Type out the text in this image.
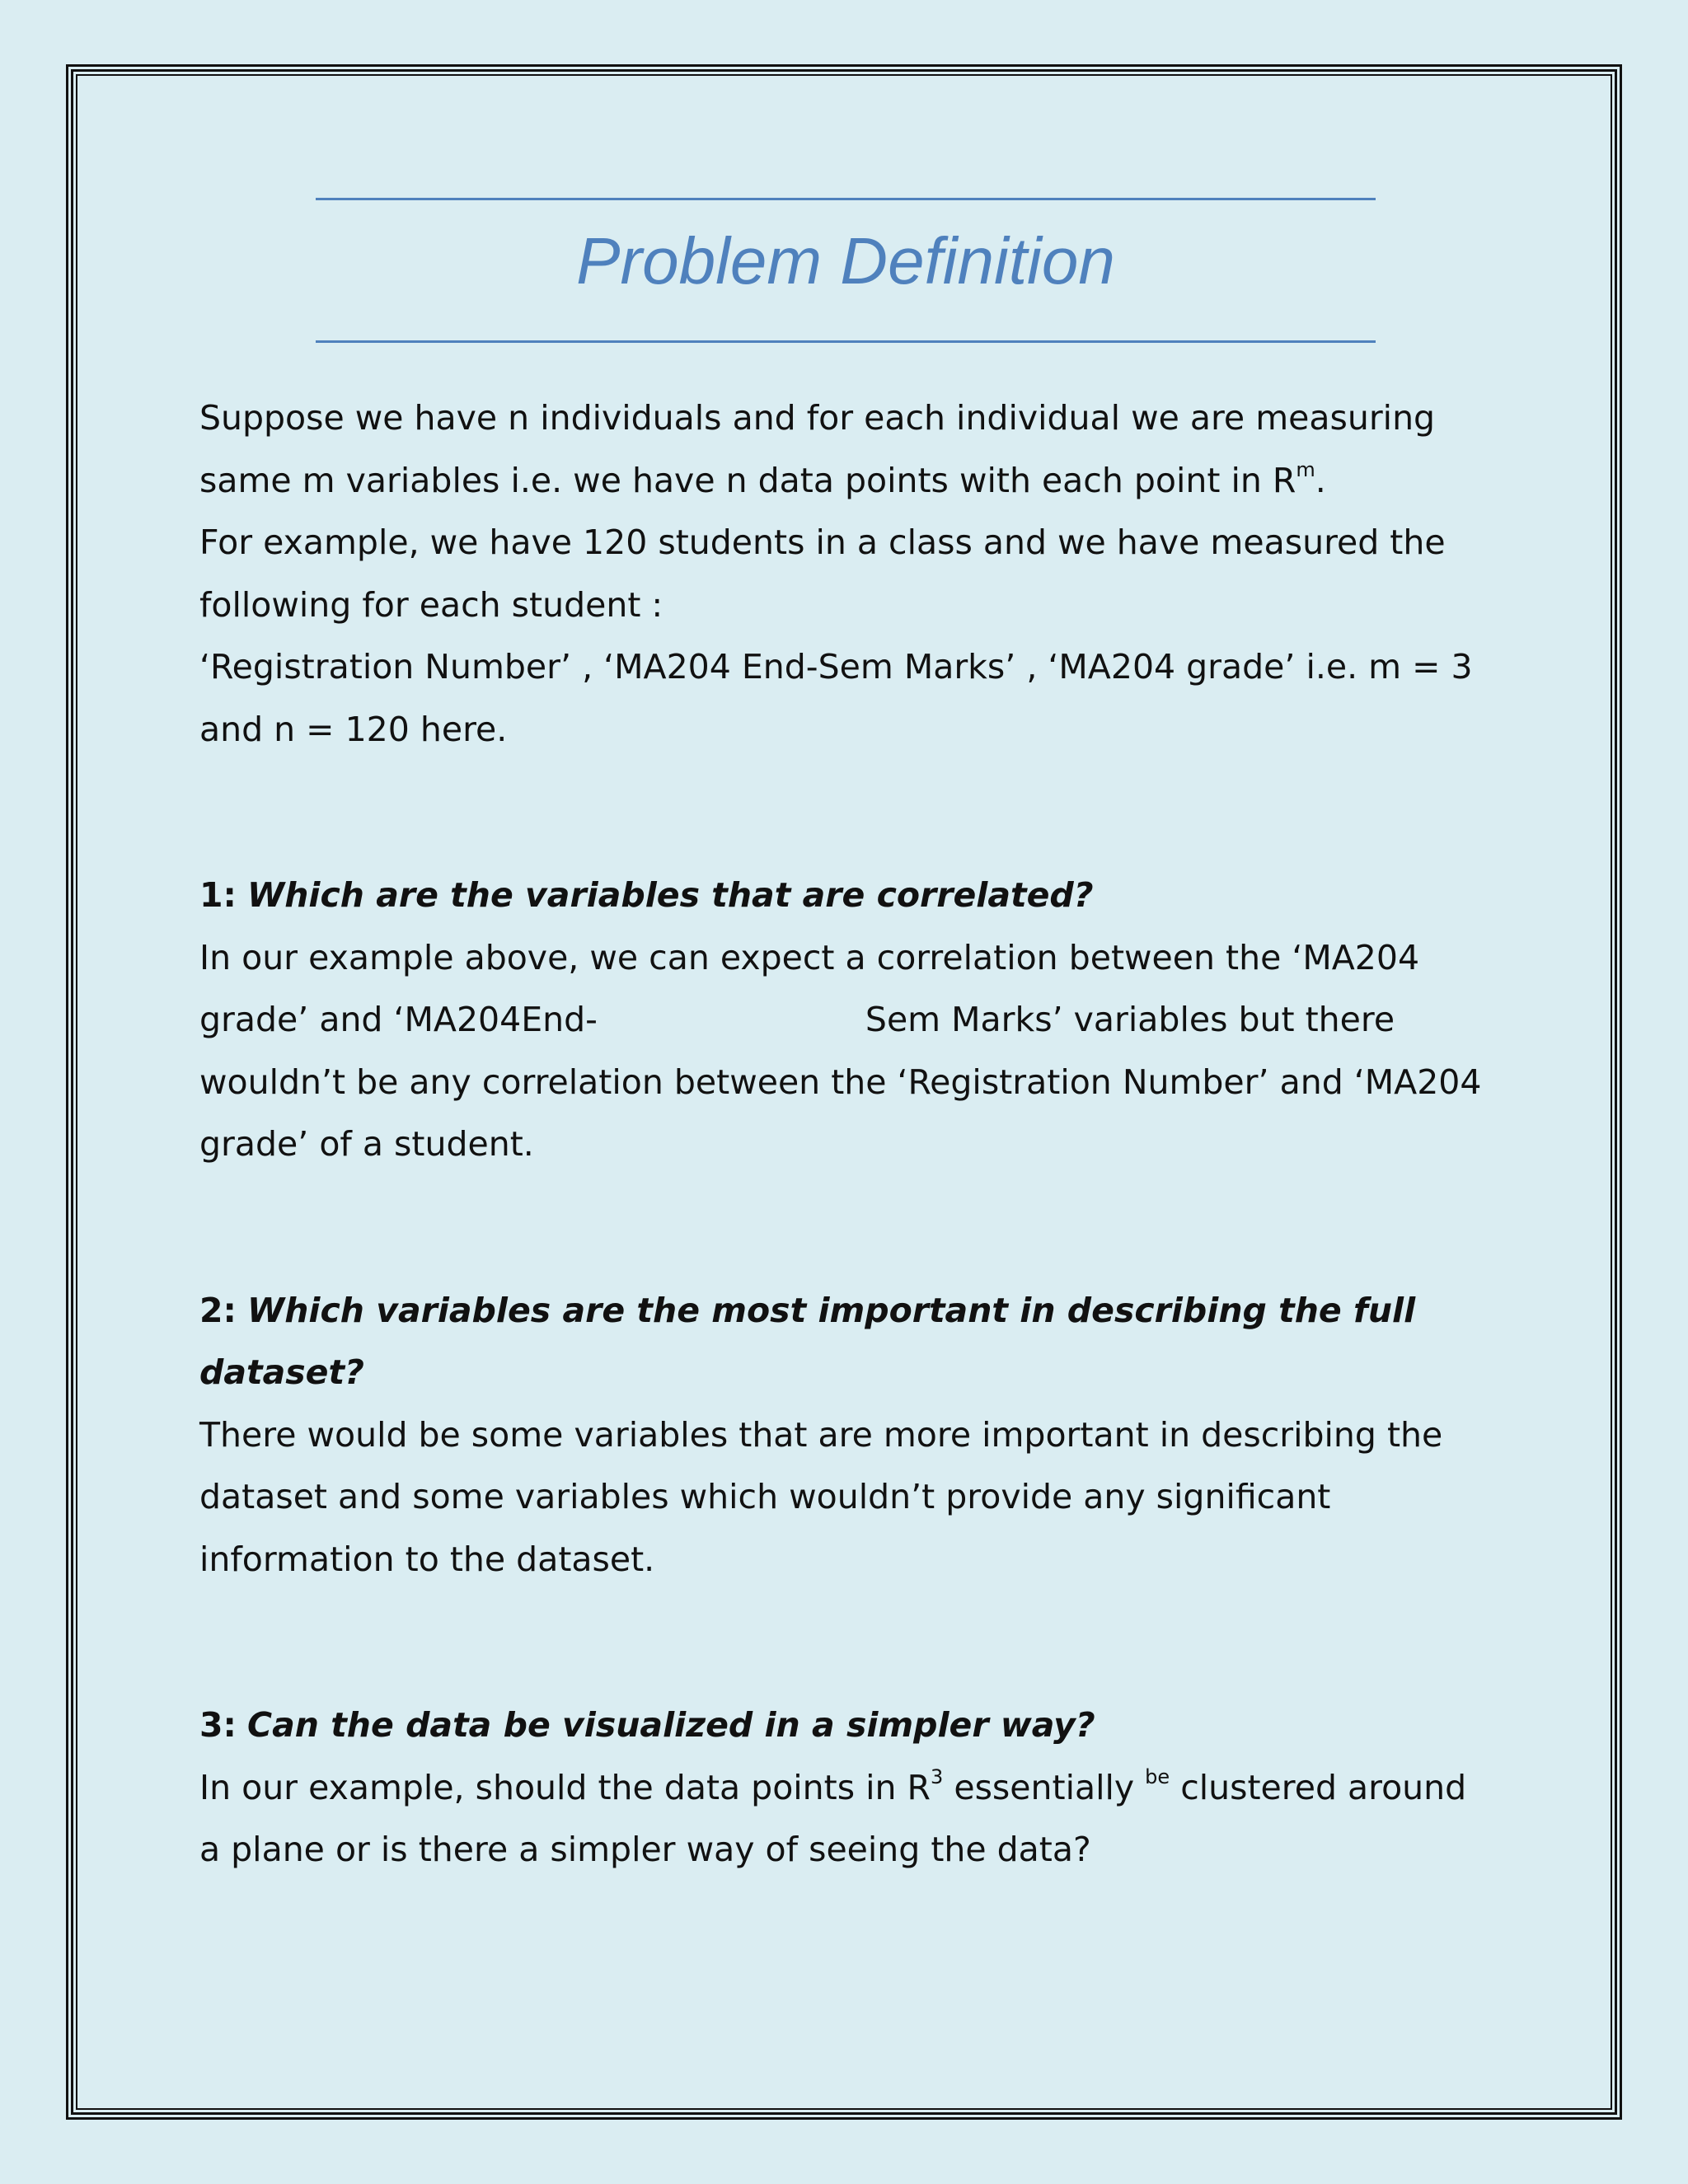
Problem Definition

Suppose we have n individuals and for each individual we are measuring same m variables i.e. we have n data points with each point in $R^m$.

For example, we have 120 students in a class and we have measured the following for each student :

‘Registration Number’ , ‘MA204 End-Sem Marks’ , ‘MA204 grade’ i.e. m = 3 and n = 120 here.

1: Which are the variables that are correlated?

In our example above, we can expect a correlation between the ‘MA204 grade’ and ‘MA204End-	Sem Marks’ variables but there wouldn’t be any correlation between the ‘Registration Number’ and ‘MA204 grade’ of a student.

2: Which variables are the most important in describing the full dataset?

There would be some variables that are more important in describing the dataset and some variables which wouldn’t provide any significant information to the dataset.

3: Can the data be visualized in a simpler way?

In our example, should the data points in $R^3$ essentially $^{be}$ clustered around a plane or is there a simpler way of seeing the data?
